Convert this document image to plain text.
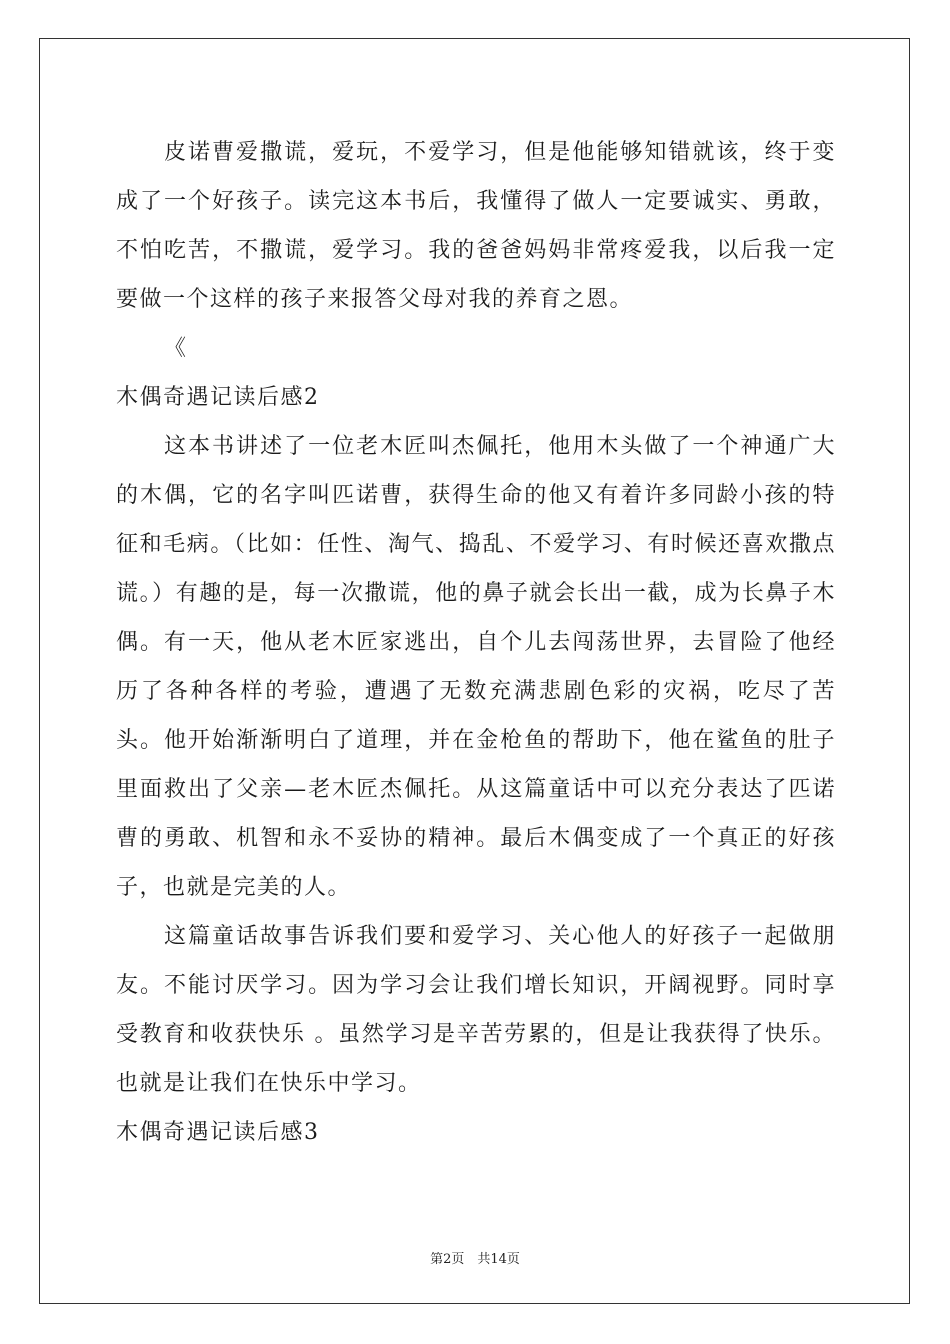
皮诺曹爱撒谎，爱玩，不爱学习，但是他能够知错就该，终于变成了一个好孩子。读完这本书后，我懂得了做人一定要诚实、勇敢，不怕吃苦，不撒谎，爱学习。我的爸爸妈妈非常疼爱我，以后我一定要做一个这样的孩子来报答父母对我的养育之恩。

《

木偶奇遇记读后感2

这本书讲述了一位老木匠叫杰佩托，他用木头做了一个神通广大的木偶，它的名字叫匹诺曹，获得生命的他又有着许多同龄小孩的特征和毛病。（比如：任性、淘气、捣乱、不爱学习、有时候还喜欢撒点谎。）有趣的是，每一次撒谎，他的鼻子就会长出一截，成为长鼻子木偶。有一天，他从老木匠家逃出，自个儿去闯荡世界，去冒险了他经历了各种各样的考验，遭遇了无数充满悲剧色彩的灾祸，吃尽了苦头。他开始渐渐明白了道理，并在金枪鱼的帮助下，他在鲨鱼的肚子里面救出了父亲—老木匠杰佩托。从这篇童话中可以充分表达了匹诺曹的勇敢、机智和永不妥协的精神。最后木偶变成了一个真正的好孩子，也就是完美的人。

这篇童话故事告诉我们要和爱学习、关心他人的好孩子一起做朋友。不能讨厌学习。因为学习会让我们增长知识，开阔视野。同时享受教育和收获快乐 。虽然学习是辛苦劳累的，但是让我获得了快乐。也就是让我们在快乐中学习。

木偶奇遇记读后感3

第2页　共14页
